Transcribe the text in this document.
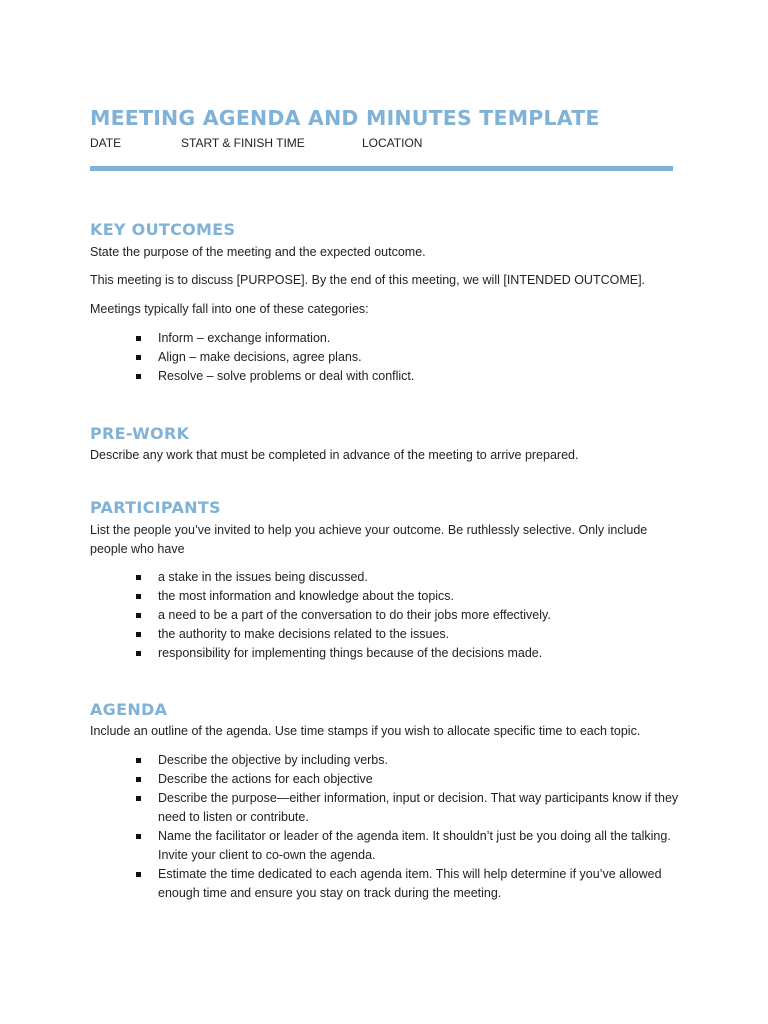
MEETING AGENDA AND MINUTES TEMPLATE
DATE	START & FINISH TIME	LOCATION
KEY OUTCOMES
State the purpose of the meeting and the expected outcome.
This meeting is to discuss [PURPOSE]. By the end of this meeting, we will [INTENDED OUTCOME].
Meetings typically fall into one of these categories:
Inform – exchange information.
Align – make decisions, agree plans.
Resolve – solve problems or deal with conflict.
PRE-WORK
Describe any work that must be completed in advance of the meeting to arrive prepared.
PARTICIPANTS
List the people you’ve invited to help you achieve your outcome. Be ruthlessly selective. Only include people who have
a stake in the issues being discussed.
the most information and knowledge about the topics.
a need to be a part of the conversation to do their jobs more effectively.
the authority to make decisions related to the issues.
responsibility for implementing things because of the decisions made.
AGENDA
Include an outline of the agenda. Use time stamps if you wish to allocate specific time to each topic.
Describe the objective by including verbs.
Describe the actions for each objective
Describe the purpose—either information, input or decision. That way participants know if they need to listen or contribute.
Name the facilitator or leader of the agenda item. It shouldn’t just be you doing all the talking. Invite your client to co-own the agenda.
Estimate the time dedicated to each agenda item. This will help determine if you’ve allowed enough time and ensure you stay on track during the meeting.
